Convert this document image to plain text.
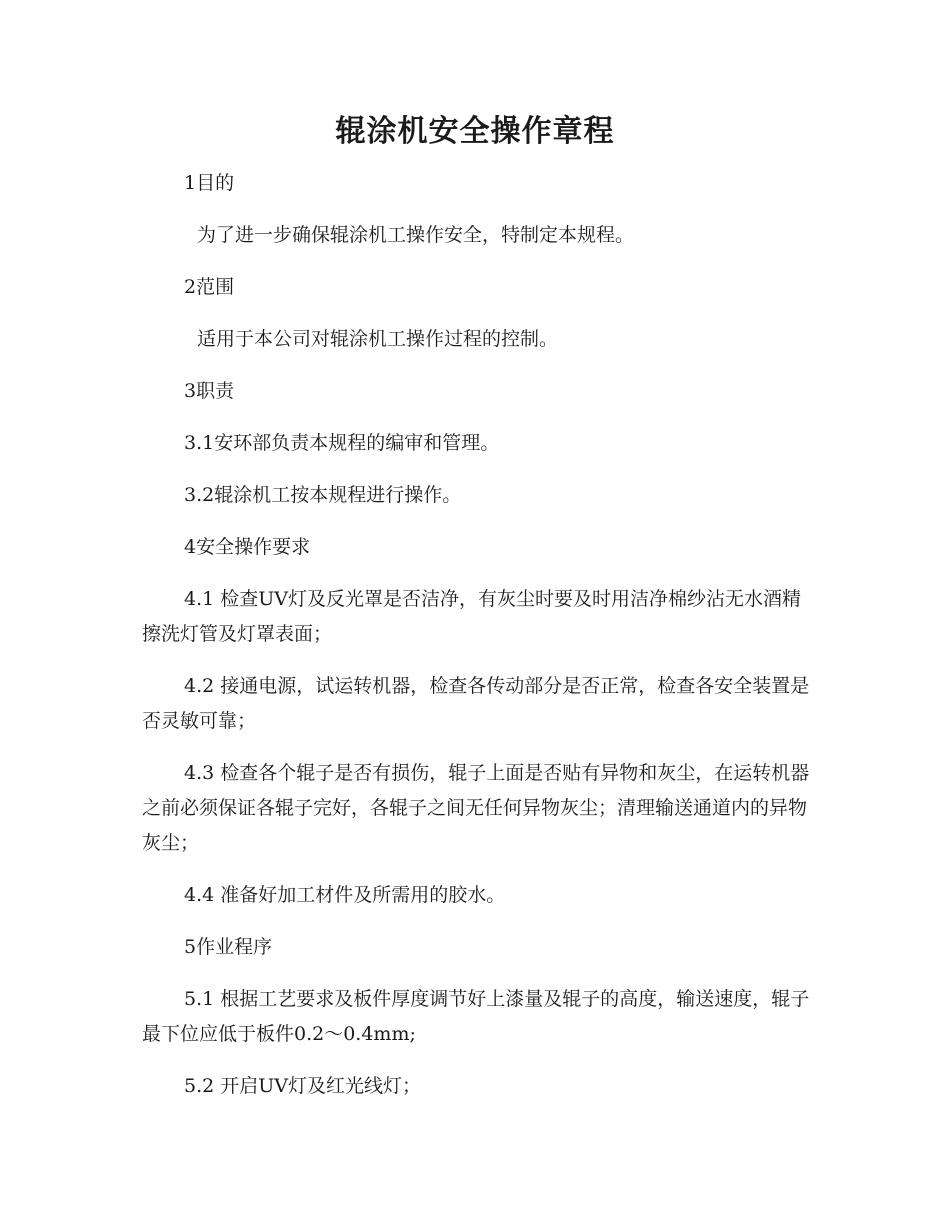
辊涂机安全操作章程

1目的

为了进一步确保辊涂机工操作安全，特制定本规程。

2范围

适用于本公司对辊涂机工操作过程的控制。

3职责

3.1安环部负责本规程的编审和管理。

3.2辊涂机工按本规程进行操作。

4安全操作要求

4.1 检查UV灯及反光罩是否洁净，有灰尘时要及时用洁净棉纱沾无水酒精擦洗灯管及灯罩表面；

4.2 接通电源，试运转机器，检查各传动部分是否正常，检查各安全装置是否灵敏可靠；

4.3 检查各个辊子是否有损伤，辊子上面是否贴有异物和灰尘，在运转机器之前必须保证各辊子完好，各辊子之间无任何异物灰尘；清理输送通道内的异物灰尘；

4.4 准备好加工材件及所需用的胶水。

5作业程序

5.1 根据工艺要求及板件厚度调节好上漆量及辊子的高度，输送速度，辊子最下位应低于板件0.2～0.4mm;

5.2 开启UV灯及红光线灯；
